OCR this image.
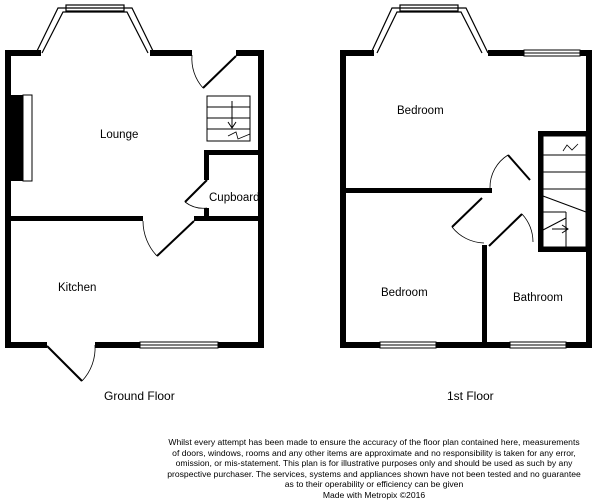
Lounge
Cupboard
Kitchen
Ground Floor
Bedroom
Bedroom	Bathroom
1st Floor
Whilst every attempt has been made to ensure the accuracy of the floor plan contained here, measurements
of doors, windows, rooms and any other items are approximate and no responsibility is taken for any error,
omission, or mis-statement. This plan is for illustrative purposes only and should be used as such by any
prospective purchaser. The services, systems and appliances shown have not been tested and no guarantee
as to their operability or efficiency can be given
Made with Metropix ©2016
